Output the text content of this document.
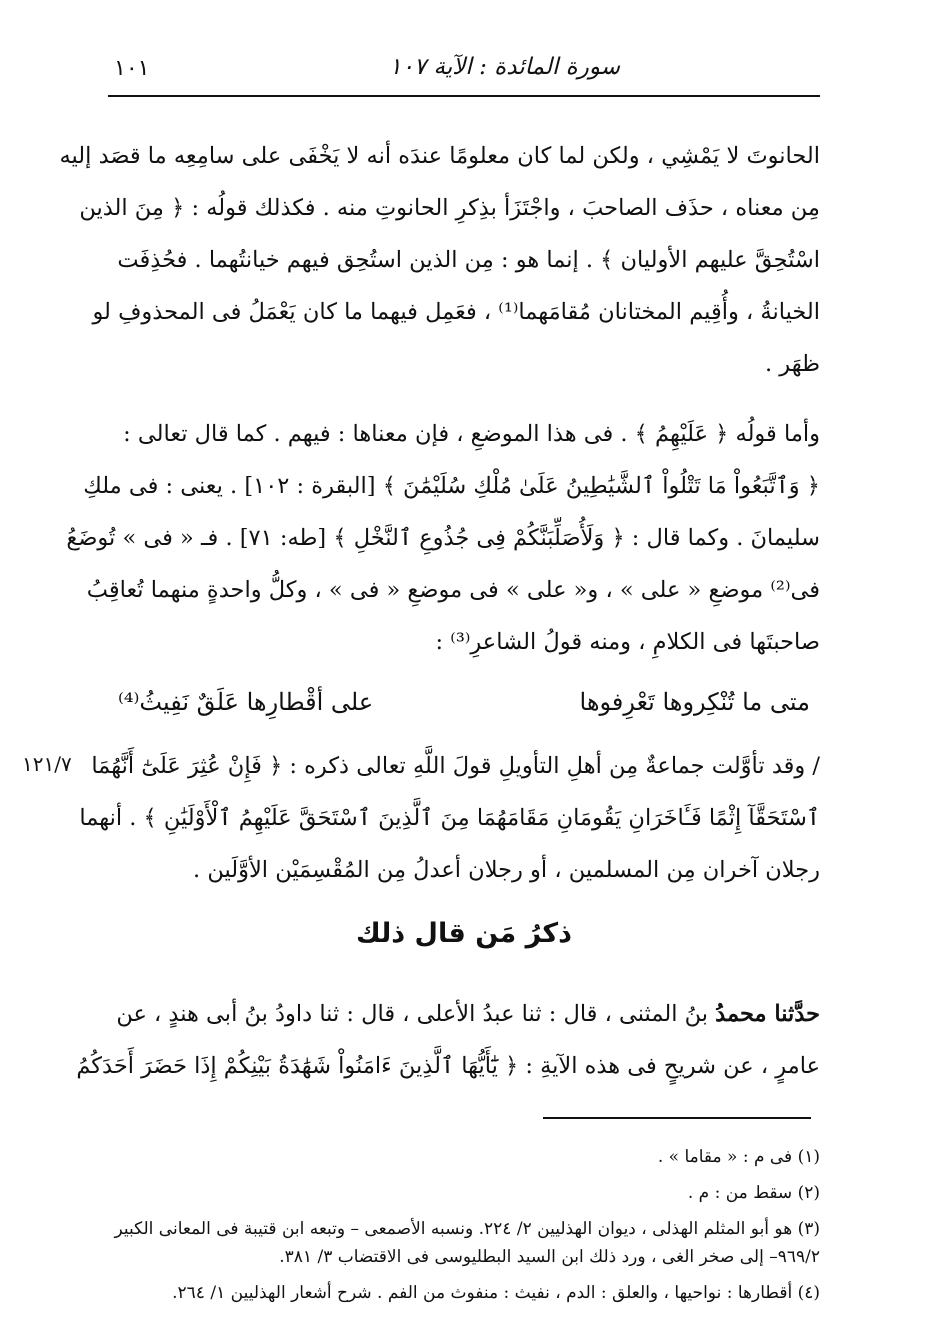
١٠١	سورة المائدة : الآية ١٠٧
الحانوتَ لا يَمْشِي ، ولكن لما كان معلومًا عندَه أنه لا يَخْفَى على سامِعِه ما قصَد إليه
مِن معناه ، حذَف الصاحبَ ، واجْتَزَأ بذِكرِ الحانوتِ منه . فكذلك قولُه : ﴿ مِنَ الذين
اسْتُحِقَّ عليهم الأوليان ﴾ . إنما هو : مِن الذين استُحِق فيهم خيانتُهما . فحُذِفَت
الخيانةُ ، وأُقِيم المختانان مُقامَهما⁽¹⁾ ، فعَمِل فيهما ما كان يَعْمَلُ فى المحذوفِ لو
ظهَر .
وأما قولُه ﴿ عَلَيْهِمُ ﴾ . فى هذا الموضعِ ، فإن معناها : فيهم . كما قال تعالى :
﴿ وَٱتَّبَعُواْ مَا تَتْلُواْ ٱلشَّيَٰطِينُ عَلَىٰ مُلْكِ سُلَيْمَٰنَ ﴾ [البقرة : ١٠٢] . يعنى : فى ملكِ
سليمانَ . وكما قال : ﴿ وَلَأُصَلِّبَنَّكُمْ فِى جُذُوعِ ٱلنَّخْلِ ﴾ [طه: ٧١] . فـ « فى » تُوضَعُ
فى⁽²⁾ موضعِ « على » ، و« على » فى موضعِ « فى » ، وكلُّ واحدةٍ منهما تُعاقِبُ
صاحبتَها فى الكلامِ ، ومنه قولُ الشاعرِ⁽³⁾ :
متى ما تُنْكِروها تَعْرِفوها
على أقْطارِها عَلَقٌ نَفِيثُ⁽⁴⁾
١٢١/٧ / وقد تأوَّلت جماعةٌ مِن أهلِ التأويلِ قولَ اللَّهِ تعالى ذكره : ﴿ فَإِنْ عُثِرَ عَلَىٰٓ أَنَّهُمَا
ٱسْتَحَقَّآ إِثْمًا فَـَٔاخَرَانِ يَقُومَانِ مَقَامَهُمَا مِنَ ٱلَّذِينَ ٱسْتَحَقَّ عَلَيْهِمُ ٱلْأَوْلَيَٰنِ ﴾ . أنهما
رجلان آخران مِن المسلمين ، أو رجلان أعدلُ مِن المُقْسِمَيْن الأوَّلَين .
ذكرُ مَن قال ذلك
حدَّثنا محمدُ بنُ المثنى ، قال : ثنا عبدُ الأعلى ، قال : ثنا داودُ بنُ أبى هندٍ ، عن
عامرٍ ، عن شريحٍ فى هذه الآيةِ : ﴿ يَٰٓأَيُّهَا ٱلَّذِينَ ءَامَنُواْ شَهَٰدَةُ بَيْنِكُمْ إِذَا حَضَرَ أَحَدَكُمُ
(١) فى م : « مقاما » .
(٢) سقط من : م .
(٣) هو أبو المثلم الهذلى ، ديوان الهذليين ٢/ ٢٢٤. ونسبه الأصمعى – وتبعه ابن قتيبة فى المعانى الكبير
٩٦٩/٢– إلى صخر الغى ، ورد ذلك ابن السيد البطليوسى فى الاقتضاب ٣/ ٣٨١.
(٤) أقطارها : نواحيها ، والعلق : الدم ، نفيث : منفوث من الفم . شرح أشعار الهذليين ١/ ٢٦٤.
